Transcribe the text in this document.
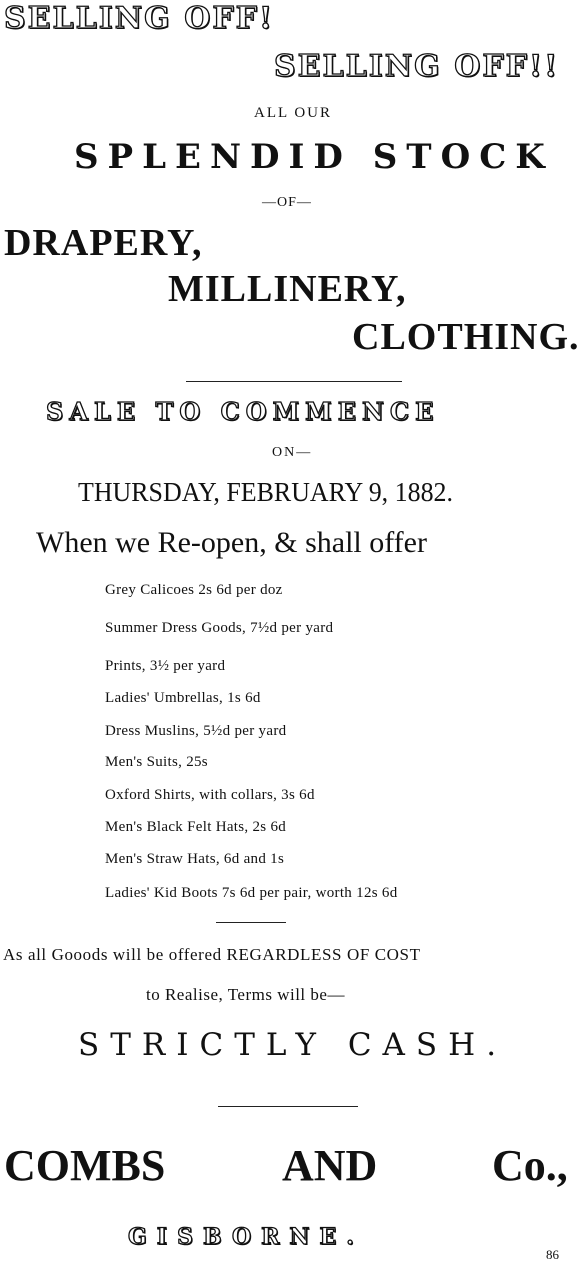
SELLING OFF!
SELLING OFF!!
ALL OUR
SPLENDID STOCK
—OF—
DRAPERY,
MILLINERY,
CLOTHING.
SALE TO COMMENCE
ON—
THURSDAY, FEBRUARY 9, 1882.
When we Re-open, & shall offer
Grey Calicoes 2s 6d per doz
Summer Dress Goods, 7½d per yard
Prints, 3½ per yard
Ladies' Umbrellas, 1s 6d
Dress Muslins, 5½d per yard
Men's Suits, 25s
Oxford Shirts, with collars, 3s 6d
Men's Black Felt Hats, 2s 6d
Men's Straw Hats, 6d and 1s
Ladies' Kid Boots 7s 6d per pair, worth 12s 6d
As all Gooods will be offered REGARDLESS OF COST
to Realise, Terms will be—
STRICTLY CASH.
COMBS	AND	Co.,
GISBORNE.
86
